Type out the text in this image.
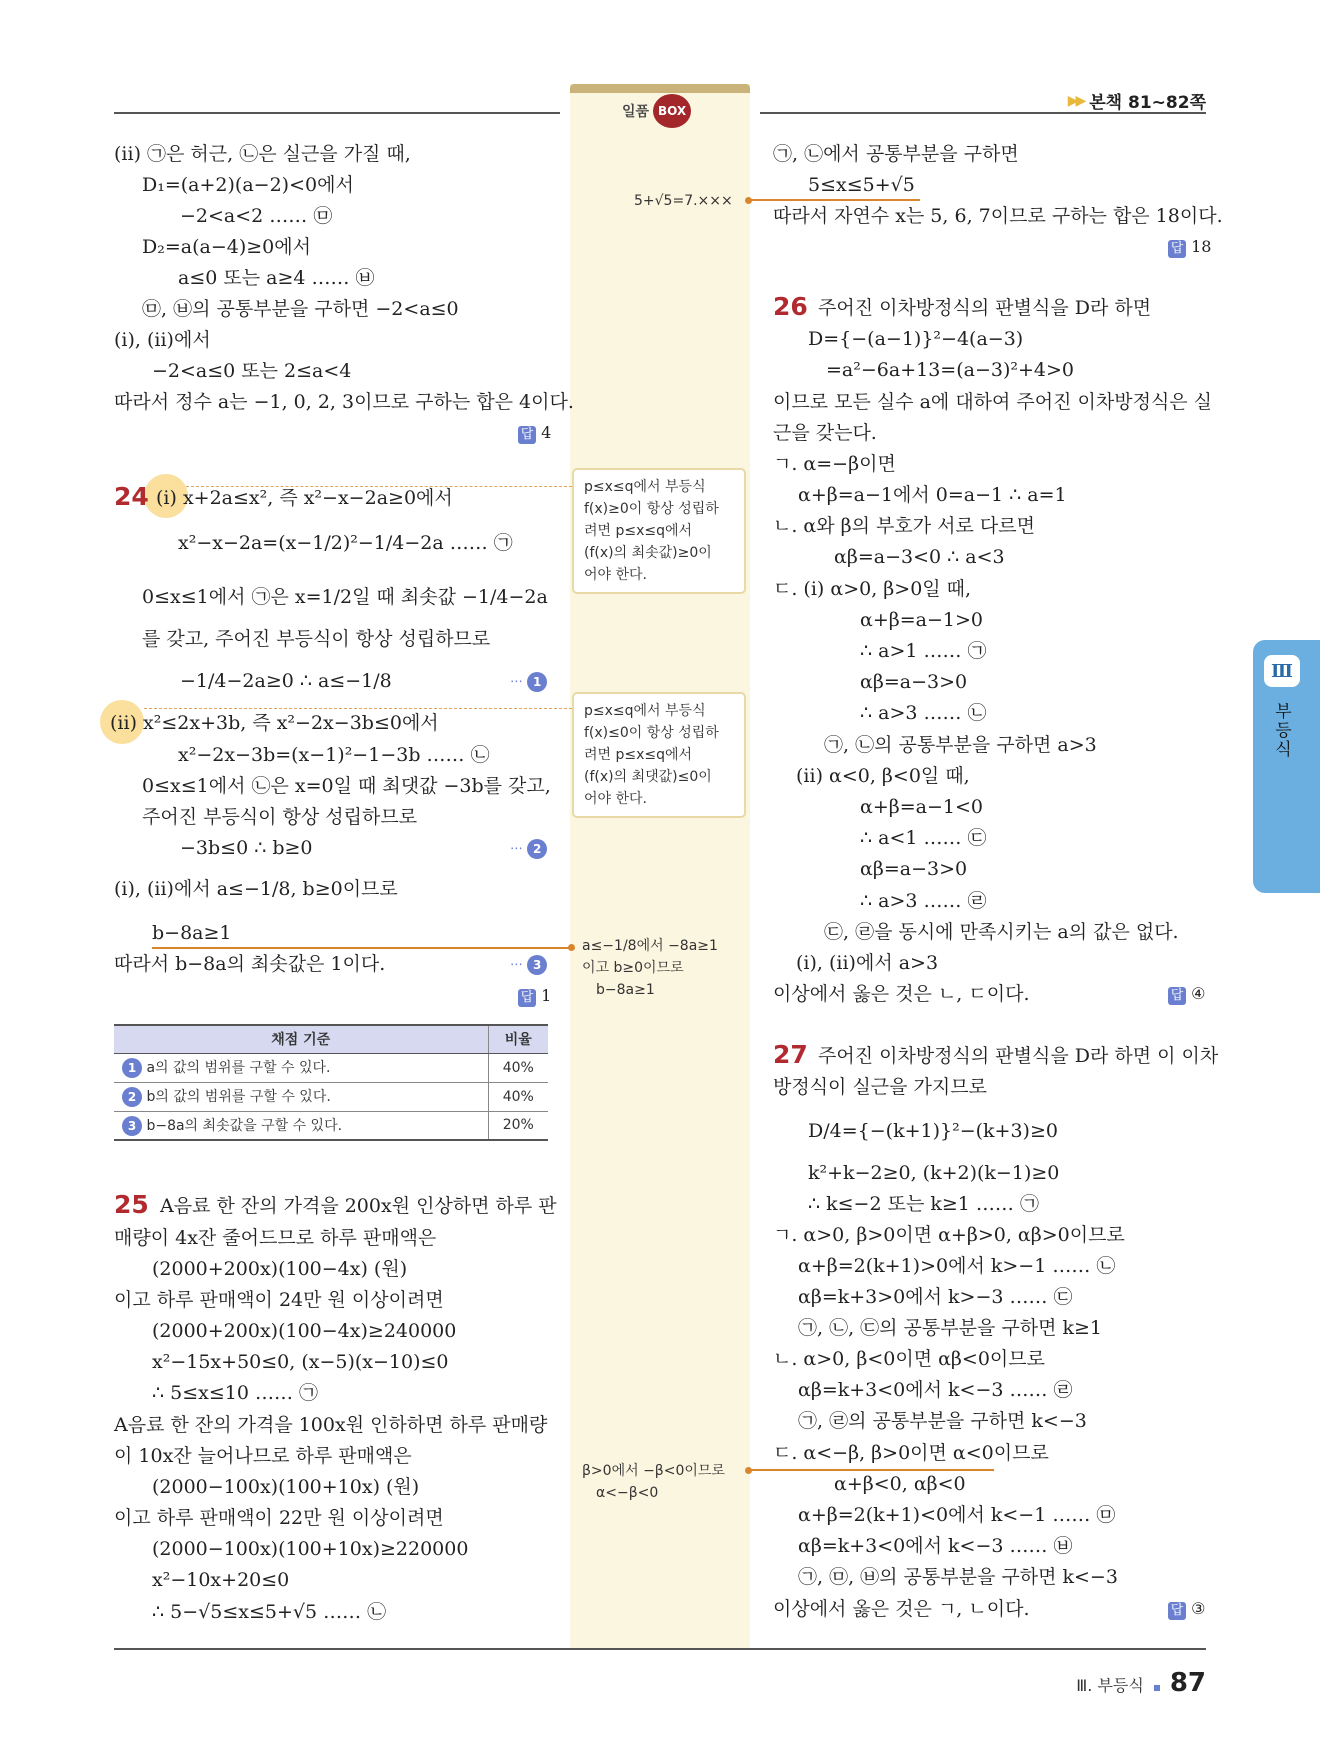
일품 BOX
▶▶ 본책 81~82쪽
(ii) ㉠은 허근, ㉡은 실근을 가질 때,
D₁=(a+2)(a−2)<0에서
−2<a<2 …… ㉤
D₂=a(a−4)≥0에서
a≤0 또는 a≥4 …… ㉥
㉤, ㉥의 공통부분을 구하면 −2<a≤0
(i), (ii)에서
−2<a≤0 또는 2≤a<4
따라서 정수 a는 −1, 0, 2, 3이므로 구하는 합은 4이다.
답 4
24 (i) x+2a≤x², 즉 x²−x−2a≥0에서
x²−x−2a=(x−1/2)²−1/4−2a …… ㉠
0≤x≤1에서 ㉠은 x=1/2일 때 최솟값 −1/4−2a
를 갖고, 주어진 부등식이 항상 성립하므로
−1/4−2a≥0 ∴ a≤−1/8	⋯ 1
(ii) x²≤2x+3b, 즉 x²−2x−3b≤0에서
x²−2x−3b=(x−1)²−1−3b …… ㉡
0≤x≤1에서 ㉡은 x=0일 때 최댓값 −3b를 갖고,
주어진 부등식이 항상 성립하므로
−3b≤0 ∴ b≥0	⋯ 2
(i), (ii)에서 a≤−1/8, b≥0이므로
b−8a≥1
따라서 b−8a의 최솟값은 1이다.	⋯ 3
답 1
채점 기준	비율
1 a의 값의 범위를 구할 수 있다.	40%
2 b의 값의 범위를 구할 수 있다.	40%
3 b−8a의 최솟값을 구할 수 있다.	20%
25 A음료 한 잔의 가격을 200x원 인상하면 하루 판
매량이 4x잔 줄어드므로 하루 판매액은
(2000+200x)(100−4x) (원)
이고 하루 판매액이 24만 원 이상이려면
(2000+200x)(100−4x)≥240000
x²−15x+50≤0, (x−5)(x−10)≤0
∴ 5≤x≤10 …… ㉠
A음료 한 잔의 가격을 100x원 인하하면 하루 판매량
이 10x잔 늘어나므로 하루 판매액은
(2000−100x)(100+10x) (원)
이고 하루 판매액이 22만 원 이상이려면
(2000−100x)(100+10x)≥220000
x²−10x+20≤0
∴ 5−√5≤x≤5+√5 …… ㉡
5+√5=7.×××
p≤x≤q에서 부등식
f(x)≥0이 항상 성립하
려면 p≤x≤q에서
(f(x)의 최솟값)≥0이
어야 한다.
p≤x≤q에서 부등식
f(x)≤0이 항상 성립하
려면 p≤x≤q에서
(f(x)의 최댓값)≤0이
어야 한다.
a≤−1/8에서 −8a≥1
이고 b≥0이므로
b−8a≥1
β>0에서 −β<0이므로
α<−β<0
㉠, ㉡에서 공통부분을 구하면
5≤x≤5+√5
따라서 자연수 x는 5, 6, 7이므로 구하는 합은 18이다.
답 18
26 주어진 이차방정식의 판별식을 D라 하면
D={−(a−1)}²−4(a−3)
=a²−6a+13=(a−3)²+4>0
이므로 모든 실수 a에 대하여 주어진 이차방정식은 실
근을 갖는다.
ㄱ. α=−β이면
α+β=a−1에서 0=a−1 ∴ a=1
ㄴ. α와 β의 부호가 서로 다르면
αβ=a−3<0 ∴ a<3
ㄷ. (i) α>0, β>0일 때,
α+β=a−1>0
∴ a>1 …… ㉠
αβ=a−3>0
∴ a>3 …… ㉡
㉠, ㉡의 공통부분을 구하면 a>3
(ii) α<0, β<0일 때,
α+β=a−1<0
∴ a<1 …… ㉢
αβ=a−3>0
∴ a>3 …… ㉣
㉢, ㉣을 동시에 만족시키는 a의 값은 없다.
(i), (ii)에서 a>3
이상에서 옳은 것은 ㄴ, ㄷ이다.	답 ④
27 주어진 이차방정식의 판별식을 D라 하면 이 이차
방정식이 실근을 가지므로
D/4={−(k+1)}²−(k+3)≥0
k²+k−2≥0, (k+2)(k−1)≥0
∴ k≤−2 또는 k≥1 …… ㉠
ㄱ. α>0, β>0이면 α+β>0, αβ>0이므로
α+β=2(k+1)>0에서 k>−1 …… ㉡
αβ=k+3>0에서 k>−3 …… ㉢
㉠, ㉡, ㉢의 공통부분을 구하면 k≥1
ㄴ. α>0, β<0이면 αβ<0이므로
αβ=k+3<0에서 k<−3 …… ㉣
㉠, ㉣의 공통부분을 구하면 k<−3
ㄷ. α<−β, β>0이면 α<0이므로
α+β<0, αβ<0
α+β=2(k+1)<0에서 k<−1 …… ㉤
αβ=k+3<0에서 k<−3 …… ㉥
㉠, ㉤, ㉥의 공통부분을 구하면 k<−3
이상에서 옳은 것은 ㄱ, ㄴ이다.	답 ③
Ⅲ
부등식
Ⅲ. 부등식 87
